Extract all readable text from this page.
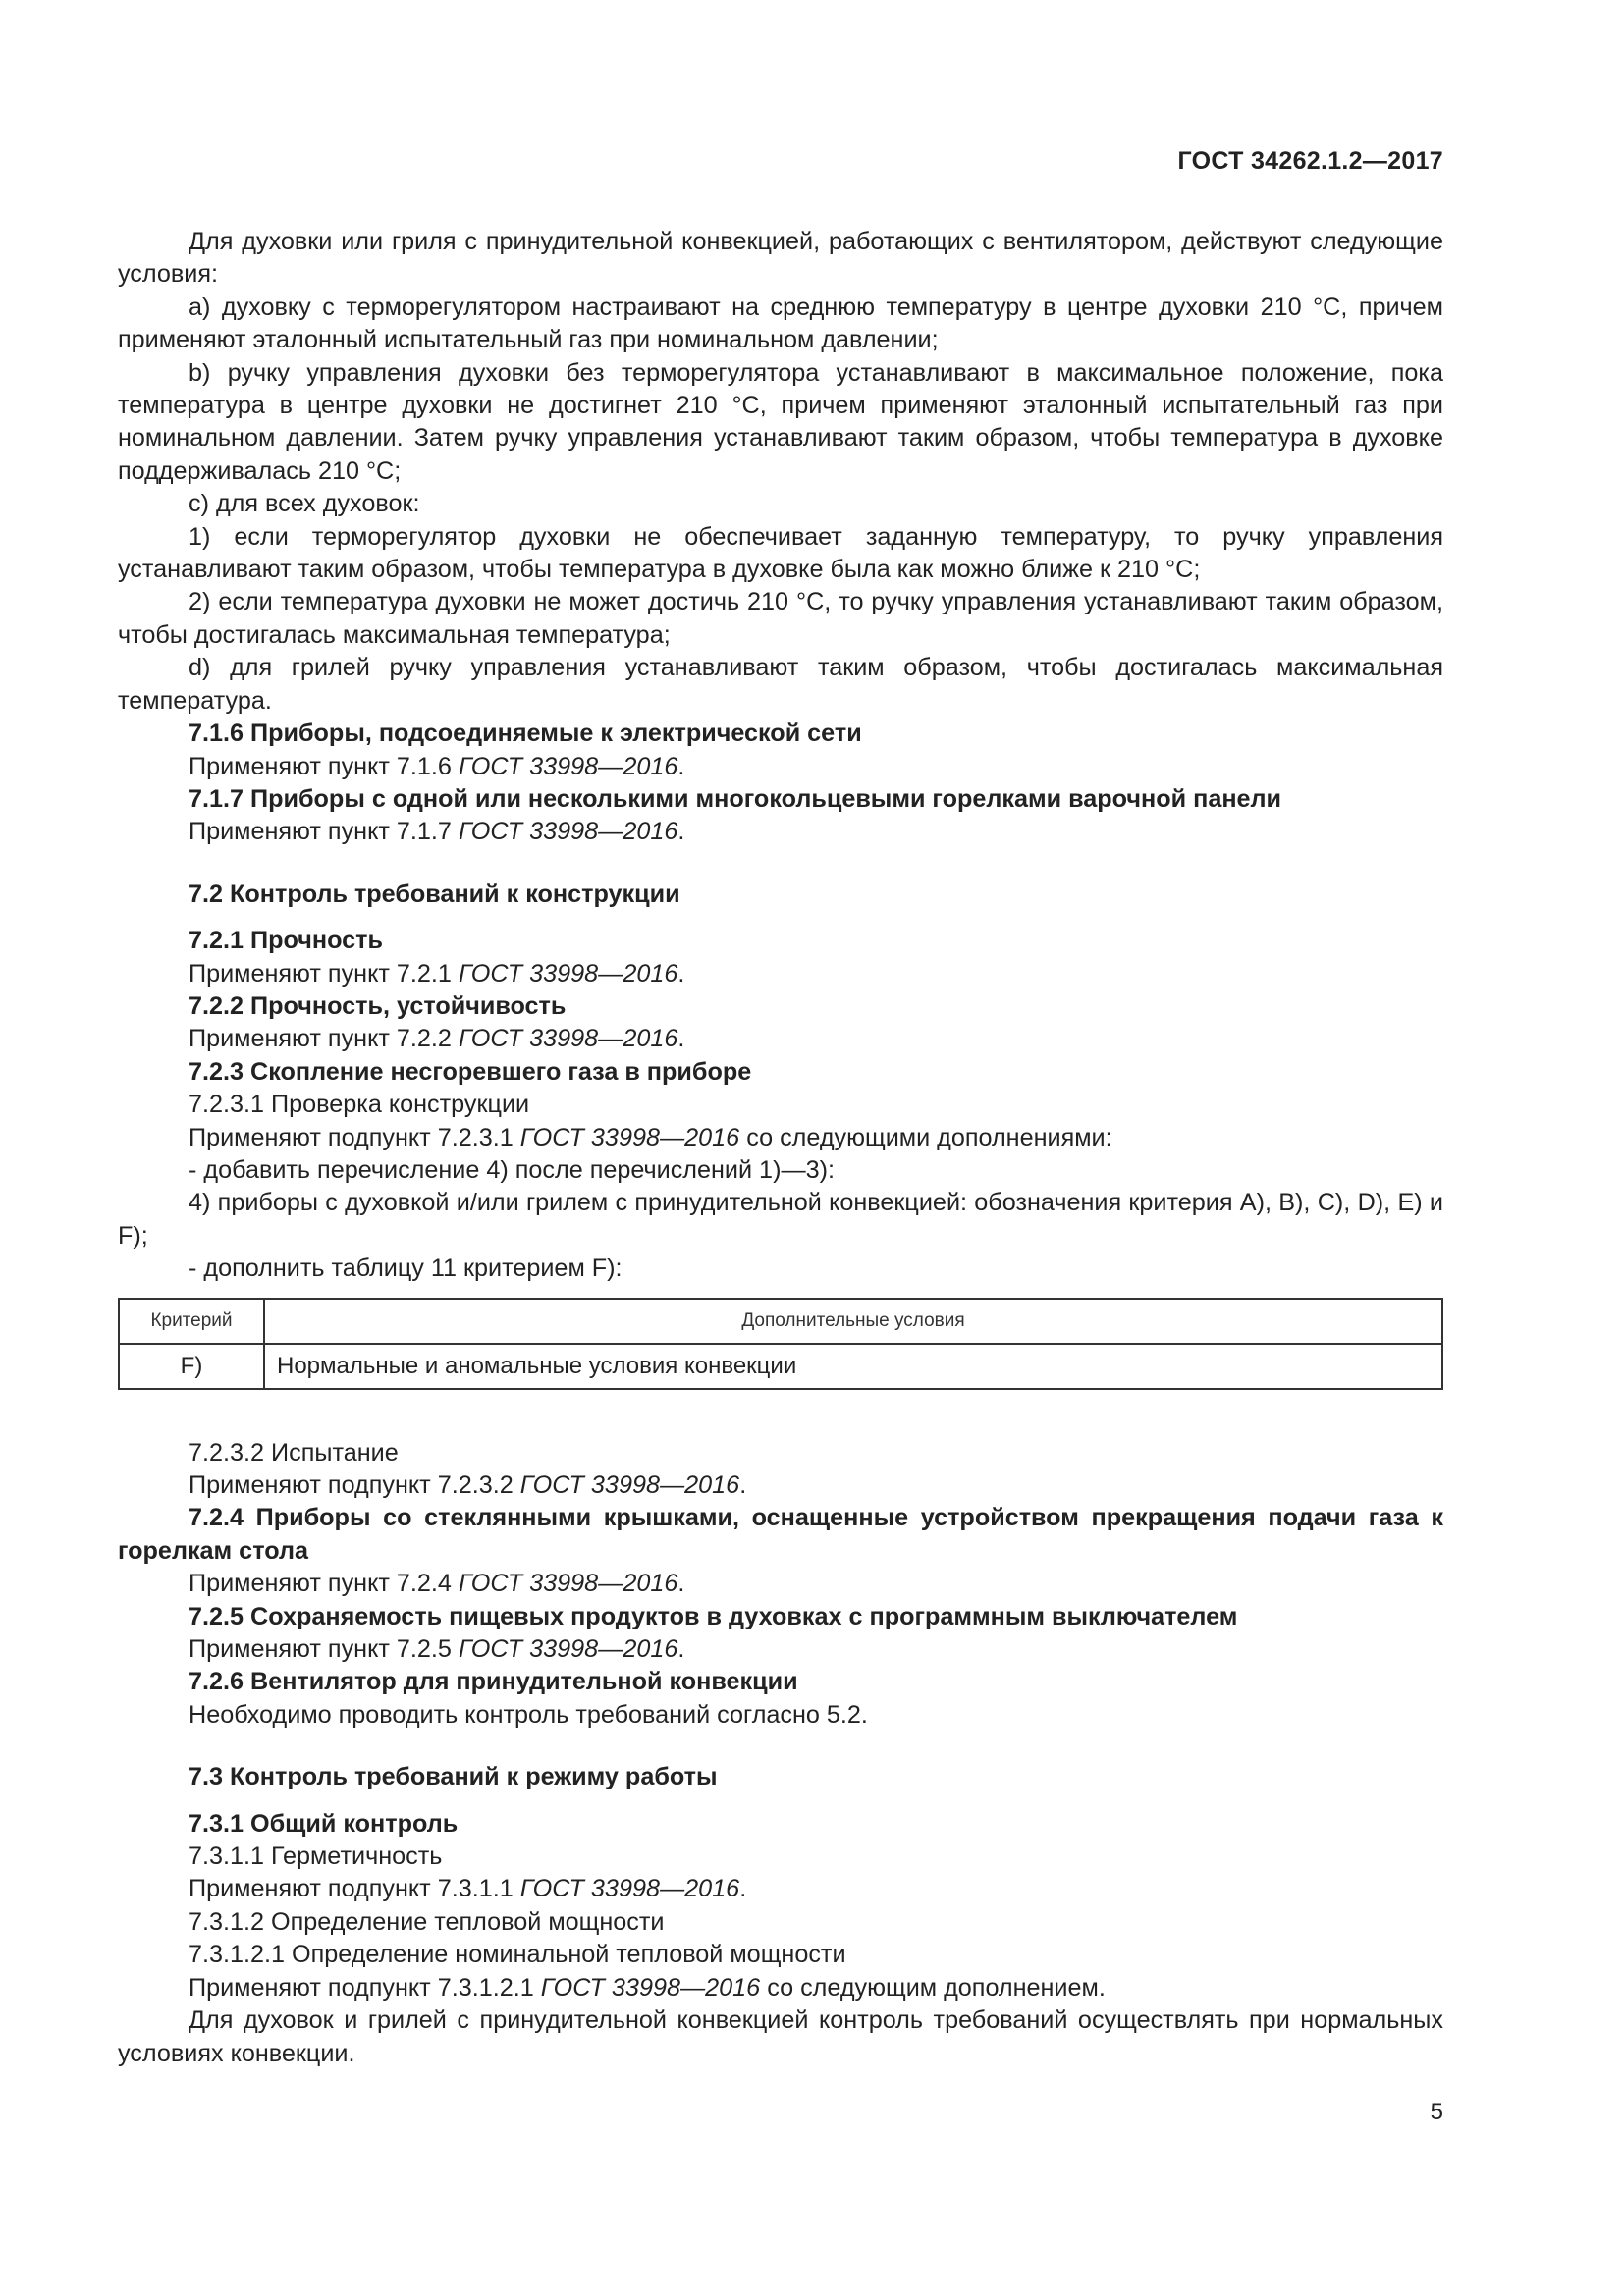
ГОСТ 34262.1.2—2017

Для духовки или гриля с принудительной конвекцией, работающих с вентилятором, действуют следующие условия:

а) духовку с терморегулятором настраивают на среднюю температуру в центре духовки 210 °С, причем применяют эталонный испытательный газ при номинальном давлении;

b) ручку управления духовки без терморегулятора устанавливают в максимальное положение, пока температура в центре духовки не достигнет 210 °С, причем применяют эталонный испытательный газ при номинальном давлении. Затем ручку управления устанавливают таким образом, чтобы температура в духовке поддерживалась 210 °С;

c) для всех духовок:

1) если терморегулятор духовки не обеспечивает заданную температуру, то ручку управления устанавливают таким образом, чтобы температура в духовке была как можно ближе к 210 °С;

2) если температура духовки не может достичь 210 °С, то ручку управления устанавливают таким образом, чтобы достигалась максимальная температура;

d) для грилей ручку управления устанавливают таким образом, чтобы достигалась максимальная температура.

7.1.6 Приборы, подсоединяемые к электрической сети

Применяют пункт 7.1.6 ГОСТ 33998—2016.

7.1.7 Приборы с одной или несколькими многокольцевыми горелками варочной панели

Применяют пункт 7.1.7 ГОСТ 33998—2016.

7.2 Контроль требований к конструкции

7.2.1 Прочность

Применяют пункт 7.2.1 ГОСТ 33998—2016.

7.2.2 Прочность, устойчивость

Применяют пункт 7.2.2 ГОСТ 33998—2016.

7.2.3 Скопление несгоревшего газа в приборе

7.2.3.1 Проверка конструкции

Применяют подпункт 7.2.3.1 ГОСТ 33998—2016 со следующими дополнениями:

- добавить перечисление 4) после перечислений 1)—3):

4) приборы с духовкой и/или грилем с принудительной конвекцией: обозначения критерия А), В), С), D), Е) и F);

- дополнить таблицу 11 критерием F):

Критерий	Дополнительные условия
F)	Нормальные и аномальные условия конвекции

7.2.3.2 Испытание

Применяют подпункт 7.2.3.2 ГОСТ 33998—2016.

7.2.4 Приборы со стеклянными крышками, оснащенные устройством прекращения подачи газа к горелкам стола

Применяют пункт 7.2.4 ГОСТ 33998—2016.

7.2.5 Сохраняемость пищевых продуктов в духовках с программным выключателем

Применяют пункт 7.2.5 ГОСТ 33998—2016.

7.2.6 Вентилятор для принудительной конвекции

Необходимо проводить контроль требований согласно 5.2.

7.3 Контроль требований к режиму работы

7.3.1 Общий контроль

7.3.1.1 Герметичность

Применяют подпункт 7.3.1.1 ГОСТ 33998—2016.

7.3.1.2 Определение тепловой мощности

7.3.1.2.1 Определение номинальной тепловой мощности

Применяют подпункт 7.3.1.2.1 ГОСТ 33998—2016 со следующим дополнением.

Для духовок и грилей с принудительной конвекцией контроль требований осуществлять при нормальных условиях конвекции.

5
